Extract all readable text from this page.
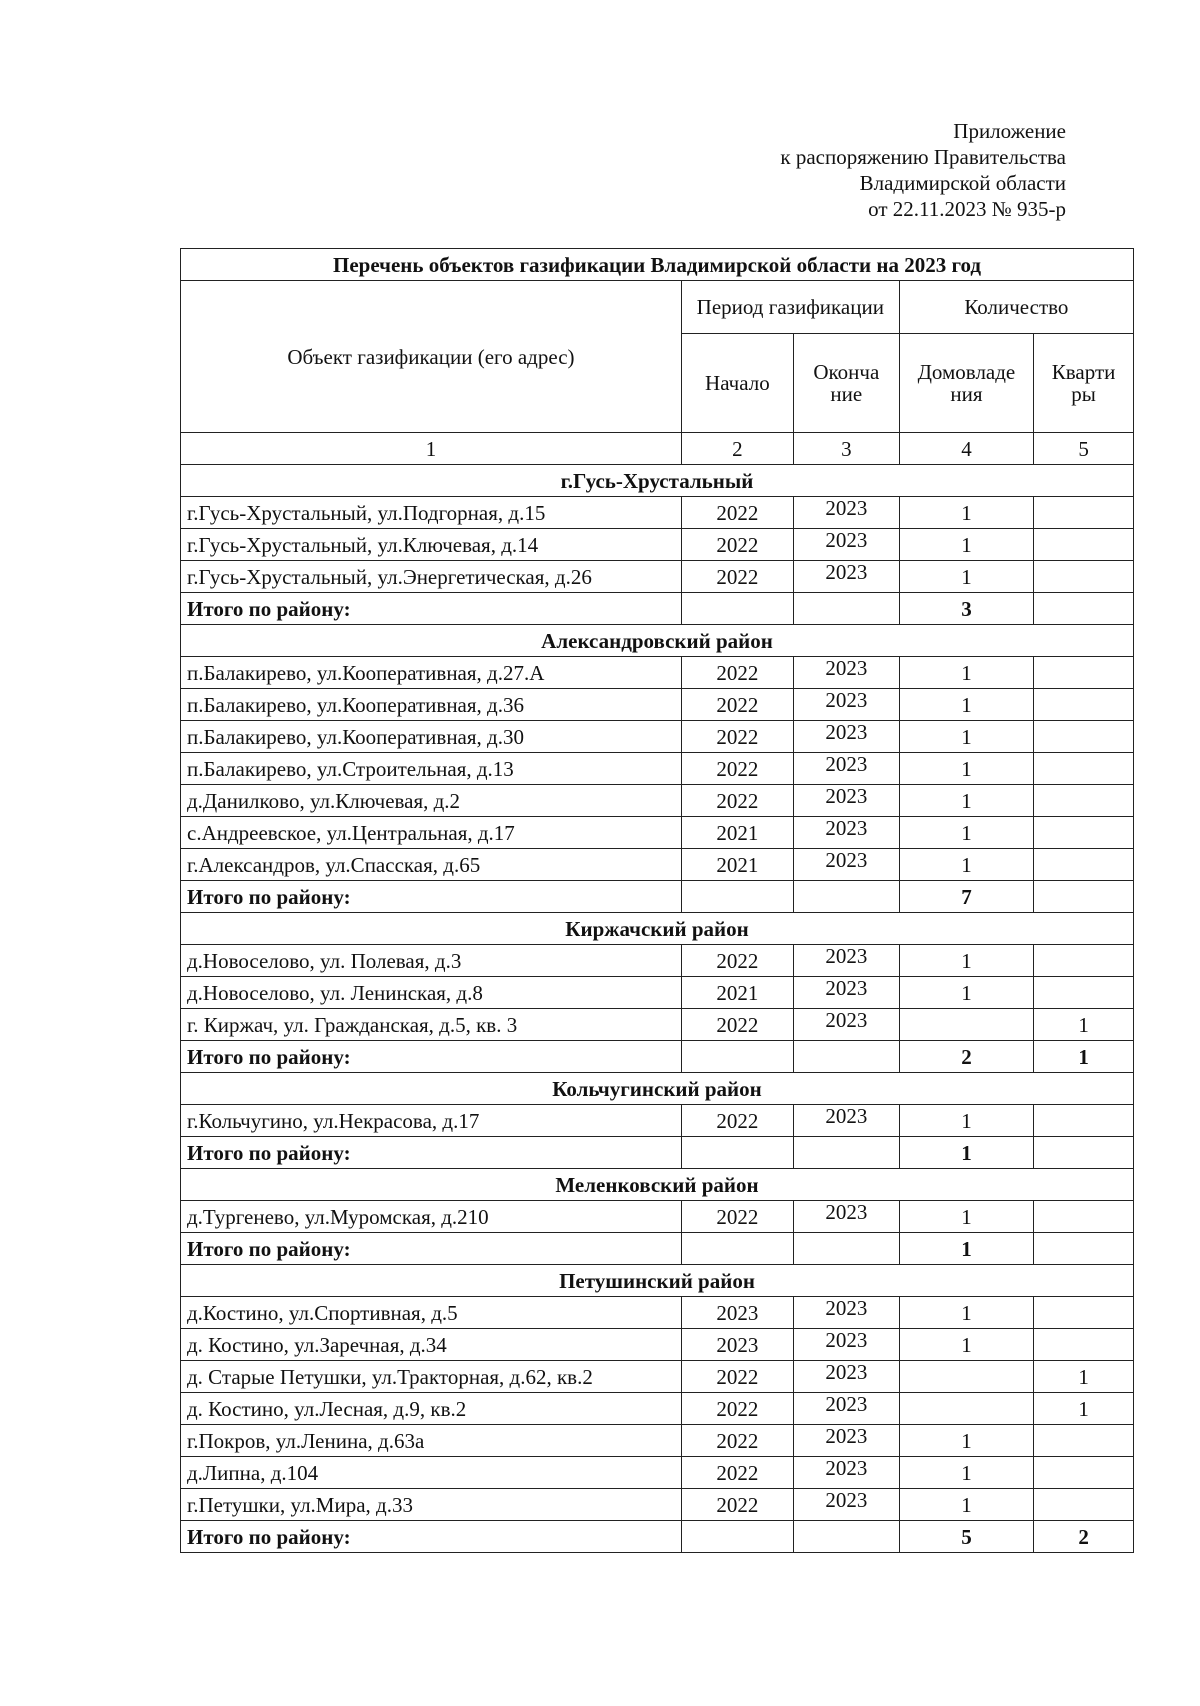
Приложение
к распоряжению Правительства
Владимирской области
от 22.11.2023 № 935-р
Перечень объектов газификации Владимирской области на 2023 год				
Объект газификации (его адрес)	Период газификации		Количество	
	Начало	Оконча ние	Домовладе ния	Кварти ры
1	2	3	4	5
г.Гусь-Хрустальный				
г.Гусь-Хрустальный, ул.Подгорная, д.15	2022	2023	1	
г.Гусь-Хрустальный, ул.Ключевая, д.14	2022	2023	1	
г.Гусь-Хрустальный, ул.Энергетическая, д.26	2022	2023	1	
Итого по району:			3	
Александровский район				
п.Балакирево, ул.Кооперативная, д.27.А	2022	2023	1	
п.Балакирево, ул.Кооперативная, д.36	2022	2023	1	
п.Балакирево, ул.Кооперативная, д.30	2022	2023	1	
п.Балакирево, ул.Строительная, д.13	2022	2023	1	
д.Данилково, ул.Ключевая, д.2	2022	2023	1	
с.Андреевское, ул.Центральная, д.17	2021	2023	1	
г.Александров, ул.Спасская, д.65	2021	2023	1	
Итого по району:			7	
Киржачский район				
д.Новоселово, ул. Полевая, д.3	2022	2023	1	
д.Новоселово, ул. Ленинская, д.8	2021	2023	1	
г. Киржач, ул. Гражданская, д.5, кв. 3	2022	2023		1
Итого по району:			2	1
Кольчугинский район				
г.Кольчугино, ул.Некрасова, д.17	2022	2023	1	
Итого по району:			1	
Меленковский район				
д.Тургенево, ул.Муромская, д.210	2022	2023	1	
Итого по району:			1	
Петушинский район				
д.Костино, ул.Спортивная, д.5	2023	2023	1	
д. Костино, ул.Заречная, д.34	2023	2023	1	
д. Старые Петушки, ул.Тракторная, д.62, кв.2	2022	2023		1
д. Костино, ул.Лесная, д.9, кв.2	2022	2023		1
г.Покров, ул.Ленина, д.63а	2022	2023	1	
д.Липна, д.104	2022	2023	1	
г.Петушки, ул.Мира, д.33	2022	2023	1	
Итого по району:			5	2
